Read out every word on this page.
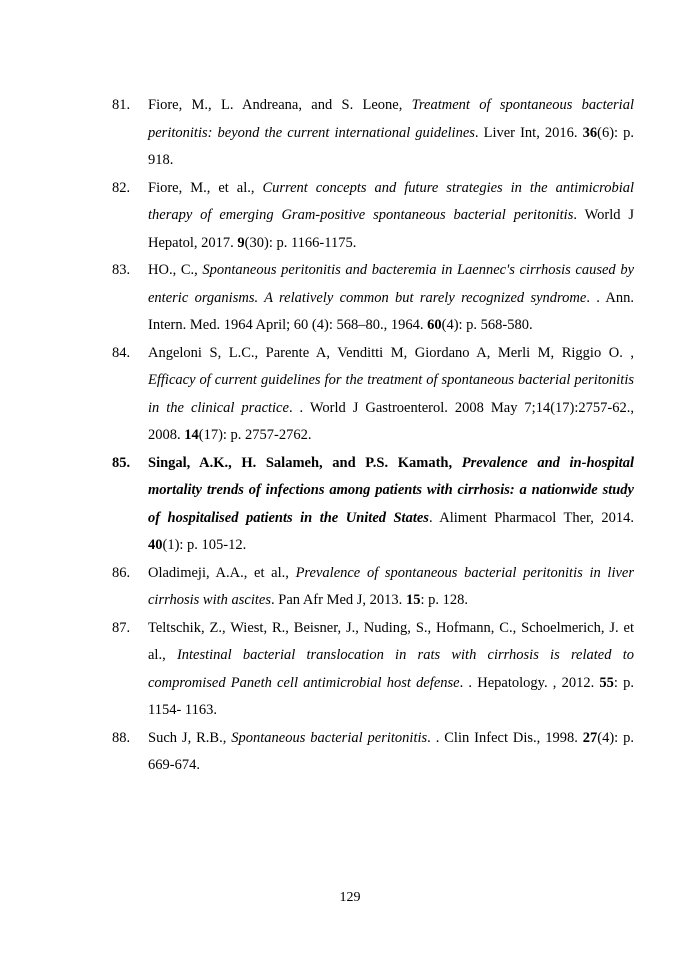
81.	Fiore, M., L. Andreana, and S. Leone, Treatment of spontaneous bacterial peritonitis: beyond the current international guidelines. Liver Int, 2016. 36(6): p. 918.
82.	Fiore, M., et al., Current concepts and future strategies in the antimicrobial therapy of emerging Gram-positive spontaneous bacterial peritonitis. World J Hepatol, 2017. 9(30): p. 1166-1175.
83.	HO., C., Spontaneous peritonitis and bacteremia in Laennec's cirrhosis caused by enteric organisms. A relatively common but rarely recognized syndrome. . Ann. Intern. Med. 1964 April; 60 (4): 568–80., 1964. 60(4): p. 568-580.
84.	Angeloni S, L.C., Parente A, Venditti M, Giordano A, Merli M, Riggio O. , Efficacy of current guidelines for the treatment of spontaneous bacterial peritonitis in the clinical practice. . World J Gastroenterol. 2008 May 7;14(17):2757-62., 2008. 14(17): p. 2757-2762.
85.	Singal, A.K., H. Salameh, and P.S. Kamath, Prevalence and in-hospital mortality trends of infections among patients with cirrhosis: a nationwide study of hospitalised patients in the United States. Aliment Pharmacol Ther, 2014. 40(1): p. 105-12.
86.	Oladimeji, A.A., et al., Prevalence of spontaneous bacterial peritonitis in liver cirrhosis with ascites. Pan Afr Med J, 2013. 15: p. 128.
87.	Teltschik, Z., Wiest, R., Beisner, J., Nuding, S., Hofmann, C., Schoelmerich, J. et al., Intestinal bacterial translocation in rats with cirrhosis is related to compromised Paneth cell antimicrobial host defense. . Hepatology. , 2012. 55: p. 1154- 1163.
88.	Such J, R.B., Spontaneous bacterial peritonitis. . Clin Infect Dis., 1998. 27(4): p. 669-674.
129
